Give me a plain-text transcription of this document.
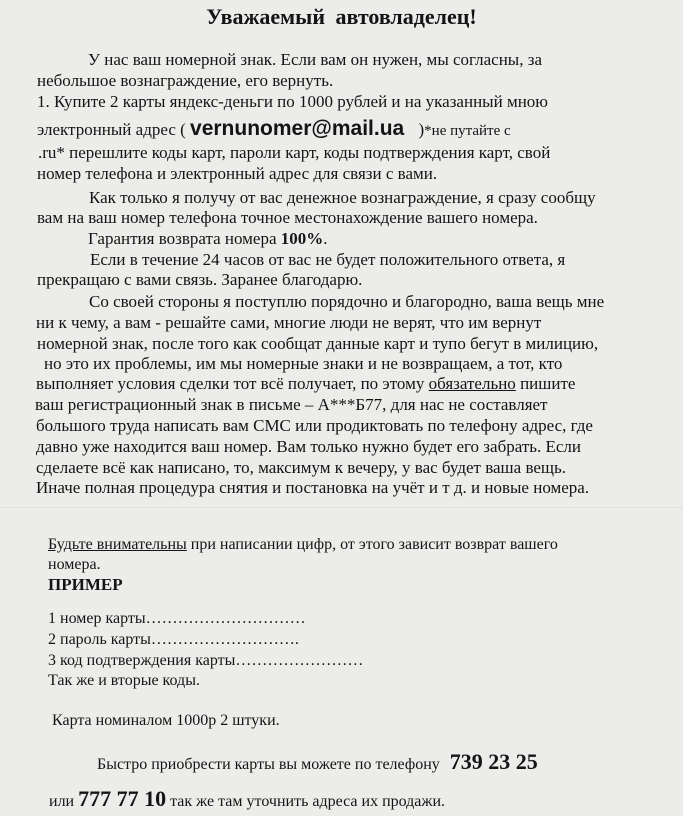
Уважаемый автовладелец!
У нас ваш номерной знак. Если вам он нужен, мы согласны, за
небольшое вознаграждение, его вернуть.
1. Купите 2 карты яндекс-деньги по 1000 рублей и на указанный мною
электронный адрес ( vernunomer@mail.ua )*не путайте с
.ru* перешлите коды карт, пароли карт, коды подтверждения карт, свой
номер телефона и электронный адрес для связи с вами.
Как только я получу от вас денежное вознаграждение, я сразу сообщу
вам на ваш номер телефона точное местонахождение вашего номера.
Гарантия возврата номера 100%.
Если в течение 24 часов от вас не будет положительного ответа, я
прекращаю с вами связь. Заранее благодарю.
Со своей стороны я поступлю порядочно и благородно, ваша вещь мне
ни к чему, а вам - решайте сами, многие люди не верят, что им вернут
номерной знак, после того как сообщат данные карт и тупо бегут в милицию,
но это их проблемы, им мы номерные знаки и не возвращаем, а тот, кто
выполняет условия сделки тот всё получает, по этому обязательно пишите
ваш регистрационный знак в письме – А***Б77, для нас не составляет
большого труда написать вам СМС или продиктовать по телефону адрес, где
давно уже находится ваш номер. Вам только нужно будет его забрать. Если
сделаете всё как написано, то, максимум к вечеру, у вас будет ваша вещь.
Иначе полная процедура снятия и постановка на учёт и т д. и новые номера.
Будьте внимательны при написании цифр, от этого зависит возврат вашего
номера.
ПРИМЕР
1 номер карты…………………………
2 пароль карты……………………….
3 код подтверждения карты……………………
Так же и вторые коды.
Карта номиналом 1000р 2 штуки.
Быстро приобрести карты вы можете по телефону 739 23 25
или 777 77 10 так же там уточнить адреса их продажи.
